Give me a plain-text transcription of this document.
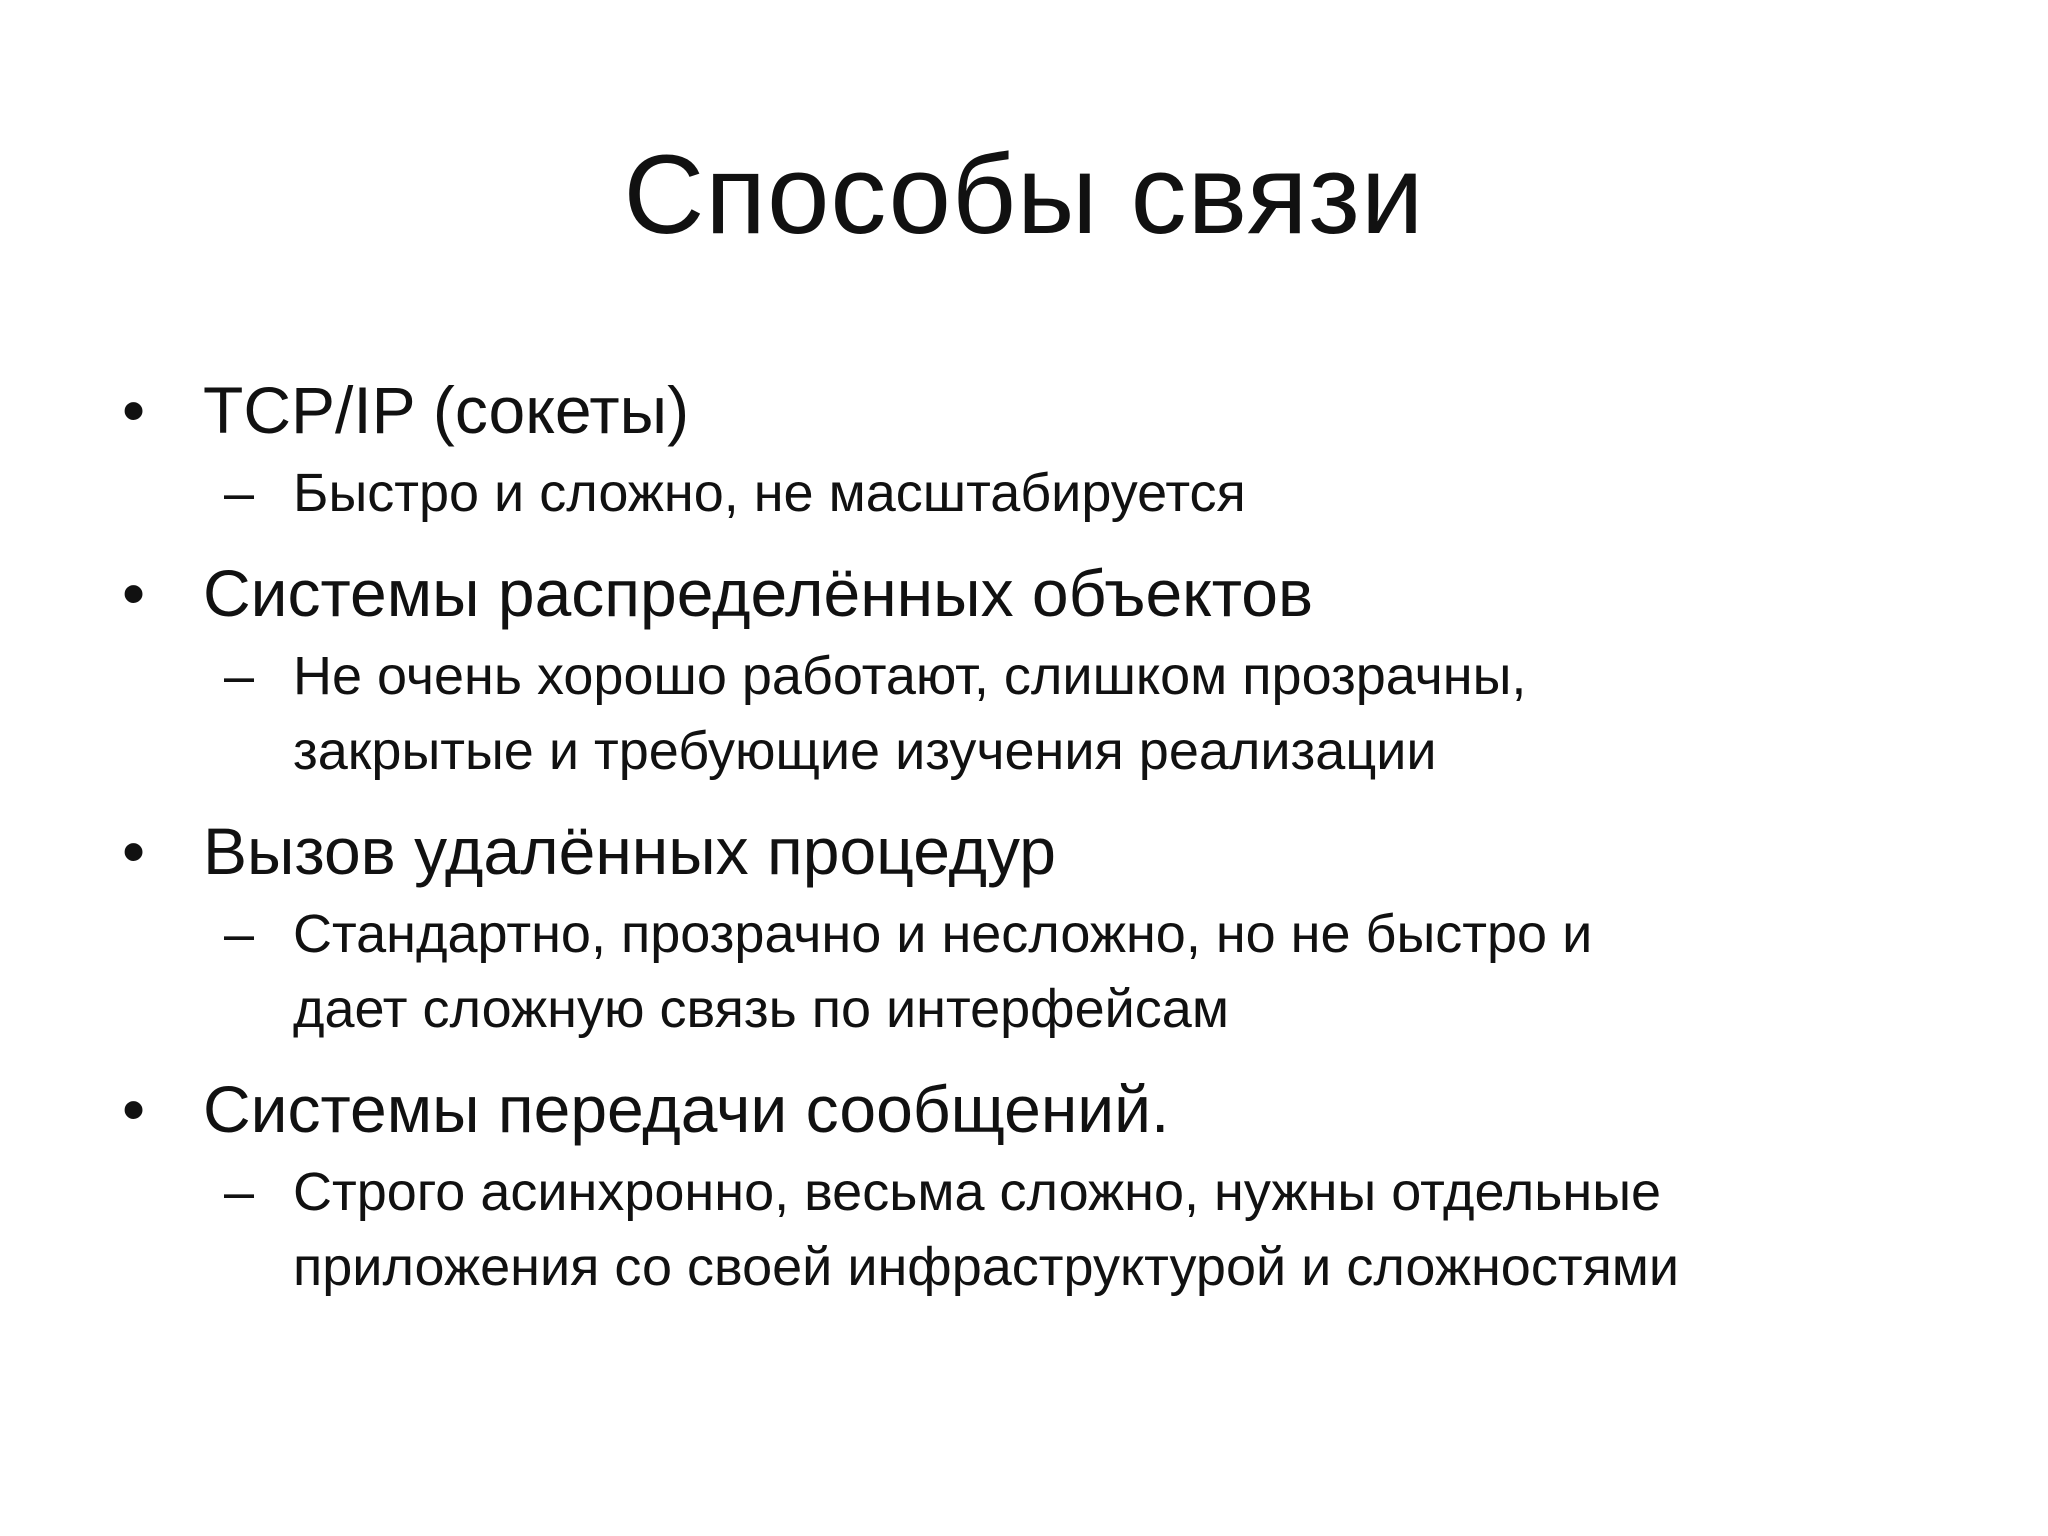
Способы связи
• TCP/IP (сокеты)
– Быстро и сложно, не масштабируется
• Системы распределённых объектов
– Не очень хорошо работают, слишком прозрачны,
закрытые и требующие изучения реализации
• Вызов удалённых процедур
– Стандартно, прозрачно и несложно, но не быстро и
дает сложную связь по интерфейсам
• Системы передачи сообщений.
– Строго асинхронно, весьма сложно, нужны отдельные
приложения со своей инфраструктурой и сложностями
